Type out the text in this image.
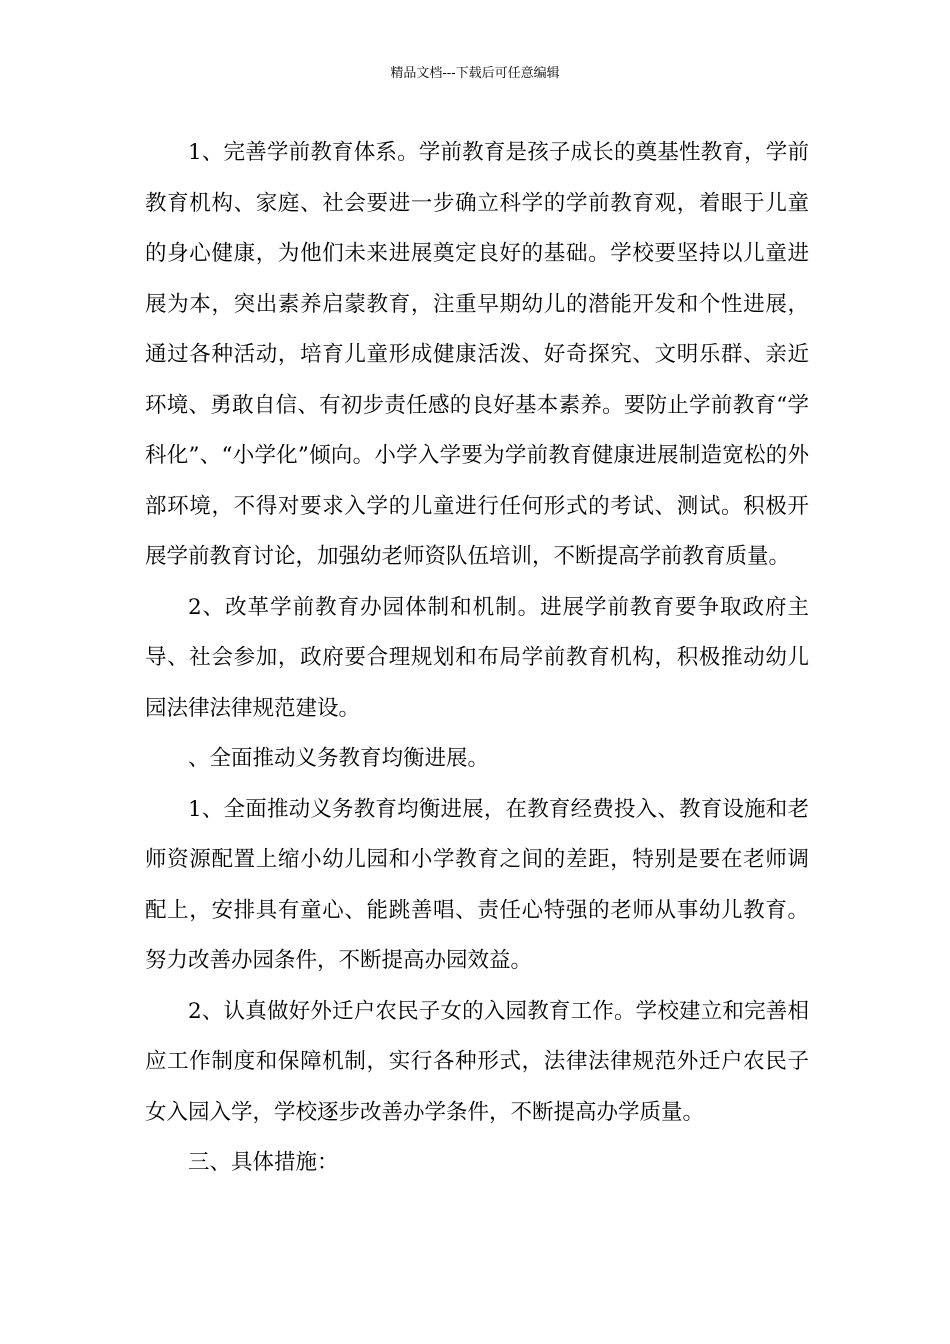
精品文档---下载后可任意编辑

1、完善学前教育体系。学前教育是孩子成长的奠基性教育，学前教育机构、家庭、社会要进一步确立科学的学前教育观，着眼于儿童的身心健康，为他们未来进展奠定良好的基础。学校要坚持以儿童进展为本，突出素养启蒙教育，注重早期幼儿的潜能开发和个性进展，通过各种活动，培育儿童形成健康活泼、好奇探究、文明乐群、亲近环境、勇敢自信、有初步责任感的良好基本素养。要防止学前教育“学科化”、“小学化”倾向。小学入学要为学前教育健康进展制造宽松的外部环境，不得对要求入学的儿童进行任何形式的考试、测试。积极开展学前教育讨论，加强幼老师资队伍培训，不断提高学前教育质量。

2、改革学前教育办园体制和机制。进展学前教育要争取政府主导、社会参加，政府要合理规划和布局学前教育机构，积极推动幼儿园法律法律规范建设。

、全面推动义务教育均衡进展。

1、全面推动义务教育均衡进展，在教育经费投入、教育设施和老师资源配置上缩小幼儿园和小学教育之间的差距，特别是要在老师调配上，安排具有童心、能跳善唱、责任心特强的老师从事幼儿教育。努力改善办园条件，不断提高办园效益。

2、认真做好外迁户农民子女的入园教育工作。学校建立和完善相应工作制度和保障机制，实行各种形式，法律法律规范外迁户农民子女入园入学，学校逐步改善办学条件，不断提高办学质量。

三、具体措施：
